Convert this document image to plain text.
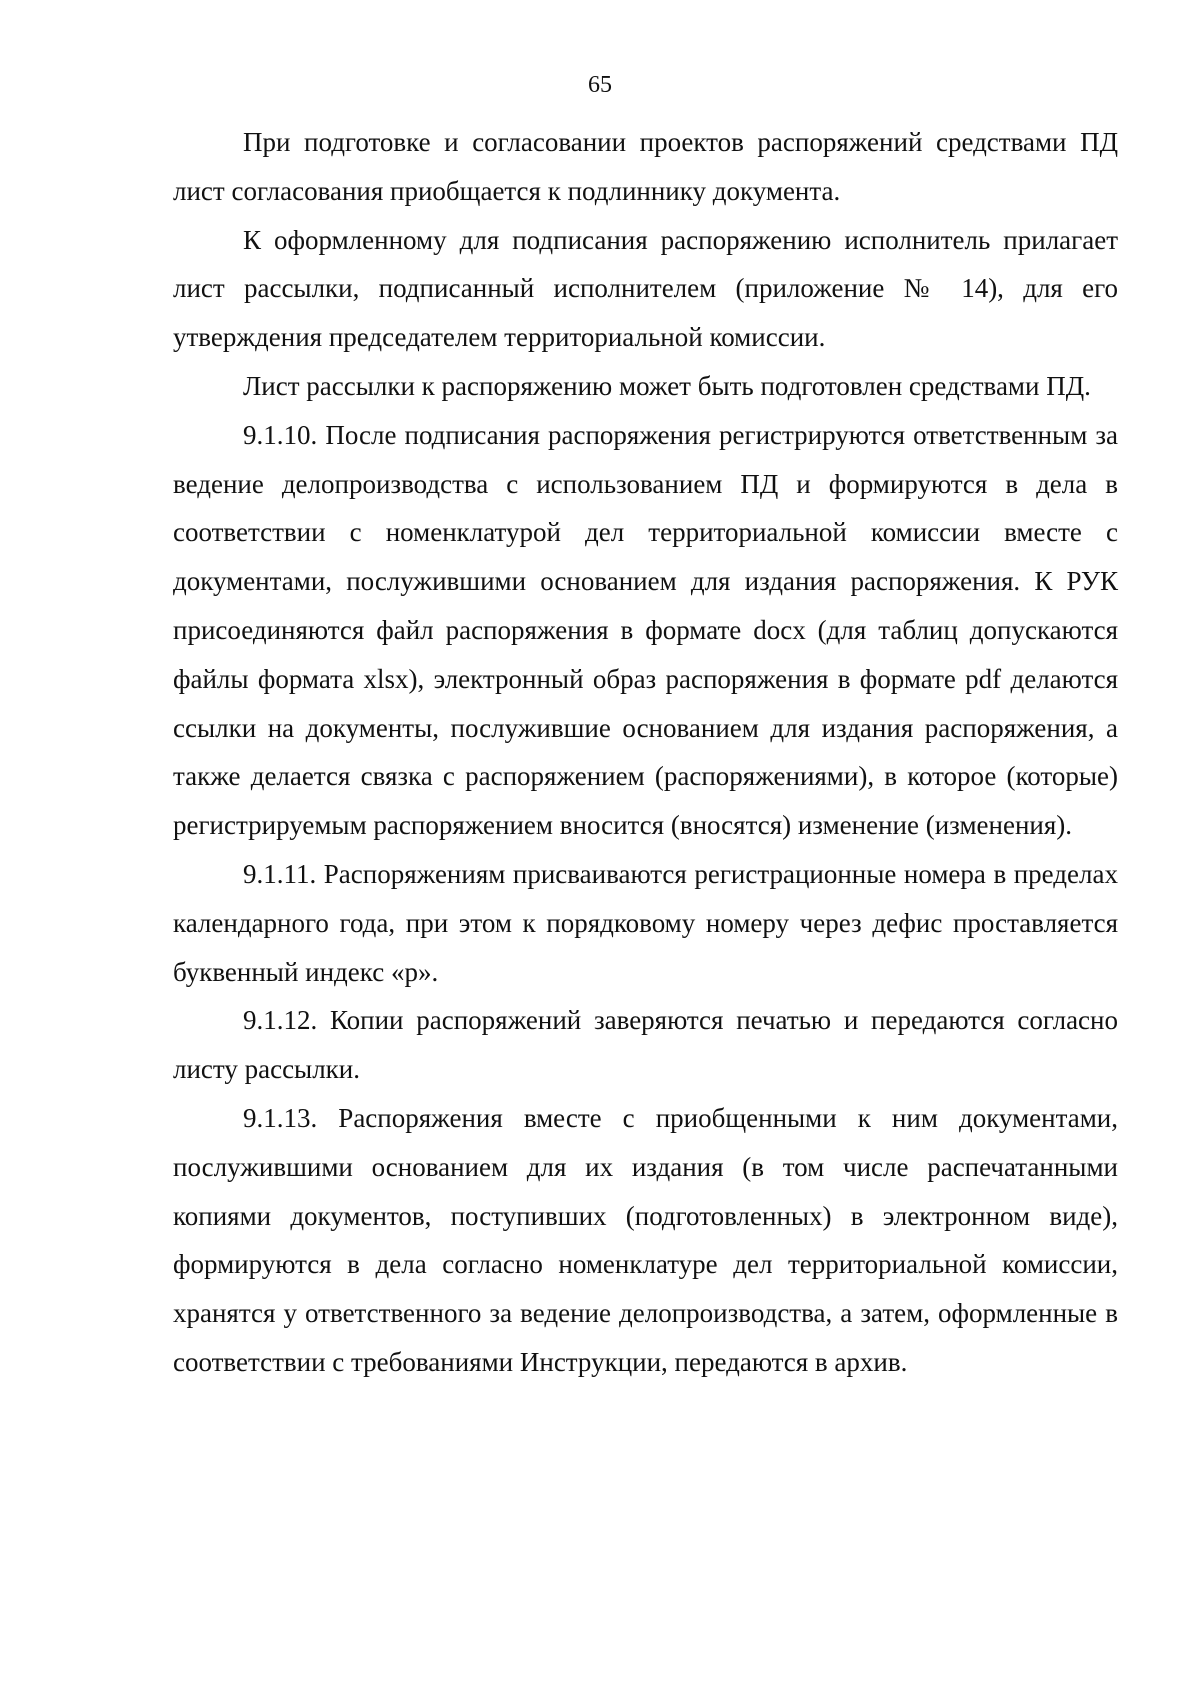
65

При подготовке и согласовании проектов распоряжений средствами ПД лист согласования приобщается к подлиннику документа.

К оформленному для подписания распоряжению исполнитель прилагает лист рассылки, подписанный исполнителем (приложение № 14), для его утверждения председателем территориальной комиссии.

Лист рассылки к распоряжению может быть подготовлен средствами ПД.

9.1.10. После подписания распоряжения регистрируются ответственным за ведение делопроизводства с использованием ПД и формируются в дела в соответствии с номенклатурой дел территориальной комиссии вместе с документами, послужившими основанием для издания распоряжения. К РУК присоединяются файл распоряжения в формате docx (для таблиц допускаются файлы формата xlsx), электронный образ распоряжения в формате pdf делаются ссылки на документы, послужившие основанием для издания распоряжения, а также делается связка с распоряжением (распоряжениями), в которое (которые) регистрируемым распоряжением вносится (вносятся) изменение (изменения).

9.1.11. Распоряжениям присваиваются регистрационные номера в пределах календарного года, при этом к порядковому номеру через дефис проставляется буквенный индекс «р».

9.1.12. Копии распоряжений заверяются печатью и передаются согласно листу рассылки.

9.1.13. Распоряжения вместе с приобщенными к ним документами, послужившими основанием для их издания (в том числе распечатанными копиями документов, поступивших (подготовленных) в электронном виде), формируются в дела согласно номенклатуре дел территориальной комиссии, хранятся у ответственного за ведение делопроизводства, а затем, оформленные в соответствии с требованиями Инструкции, передаются в архив.
